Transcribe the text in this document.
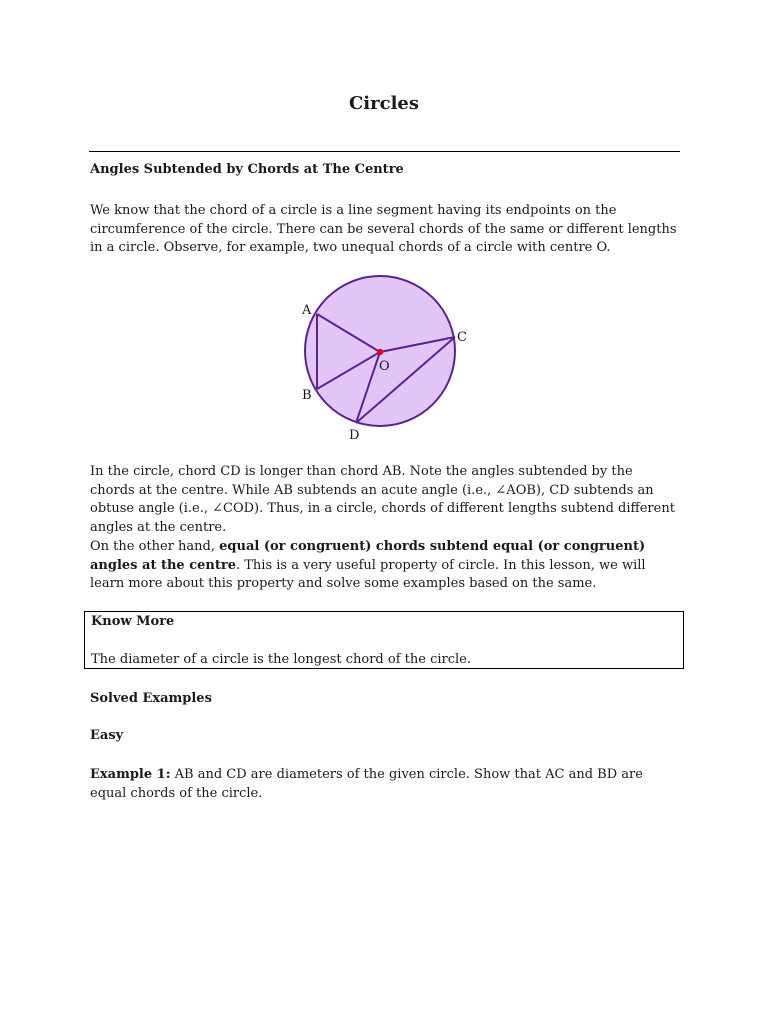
Circles
Angles Subtended by Chords at The Centre

We know that the chord of a circle is a line segment having its endpoints on the circumference of the circle. There can be several chords of the same or different lengths in a circle. Observe, for example, two unequal chords of a circle with centre O.

A
B
C
D
O

In the circle, chord CD is longer than chord AB. Note the angles subtended by the chords at the centre. While AB subtends an acute angle (i.e., ∠AOB), CD subtends an obtuse angle (i.e., ∠COD). Thus, in a circle, chords of different lengths subtend different angles at the centre.

On the other hand, equal (or congruent) chords subtend equal (or congruent) angles at the centre. This is a very useful property of circle. In this lesson, we will learn more about this property and solve some examples based on the same.

Know More

The diameter of a circle is the longest chord of the circle.

Solved Examples
Easy

Example 1: AB and CD are diameters of the given circle. Show that AC and BD are equal chords of the circle.
